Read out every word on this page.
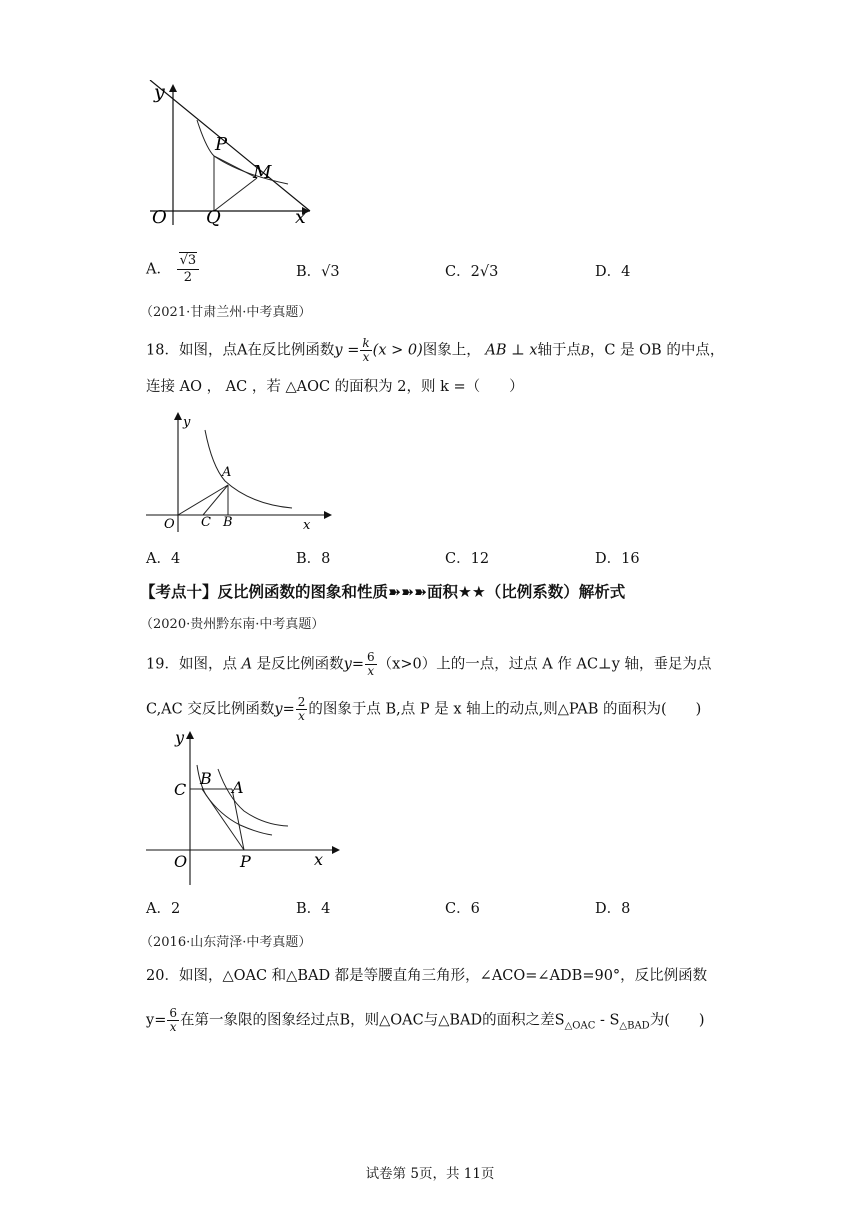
y
P
M
O Q	x
A． $\frac{√3}{2}$	B．√3	C．2√3	D．4
（2021·甘肃兰州·中考真题）
18．如图，点A在反比例函数$y = \frac{k}{x} (x > 0)$图象上， AB ⊥ x轴于点B，C 是 OB 的中点，
连接 AO ， AC ，若 △AOC 的面积为 2，则 k =（　　）
y
A
O C B	x
A．4	B．8	C．12	D．16
【考点十】反比例函数的图象和性质➽➽➽面积★★（比例系数）解析式
（2020·贵州黔东南·中考真题）
19．如图，点 A 是反比例函数$y= \frac{6}{x} (x>0)$上的一点，过点 A 作 AC⊥y 轴，垂足为点
C,AC 交反比例函数$y= \frac{2}{x}$ 的图象于点 B,点 P 是 x 轴上的动点,则△PAB 的面积为(　　)
y
C
B A
O	P	x
A．2	B．4	C．6	D．8
（2016·山东菏泽·中考真题）
20．如图，△OAC 和△BAD 都是等腰直角三角形，∠ACO=∠ADB=90°，反比例函数
$y= \frac{6}{x}$ 在第一象限的图象经过点B，则△OAC与△BAD的面积之差$S_{\triangle OAC} - S_{\triangle BAD}$为(　　)
试卷第 5页，共 11页
